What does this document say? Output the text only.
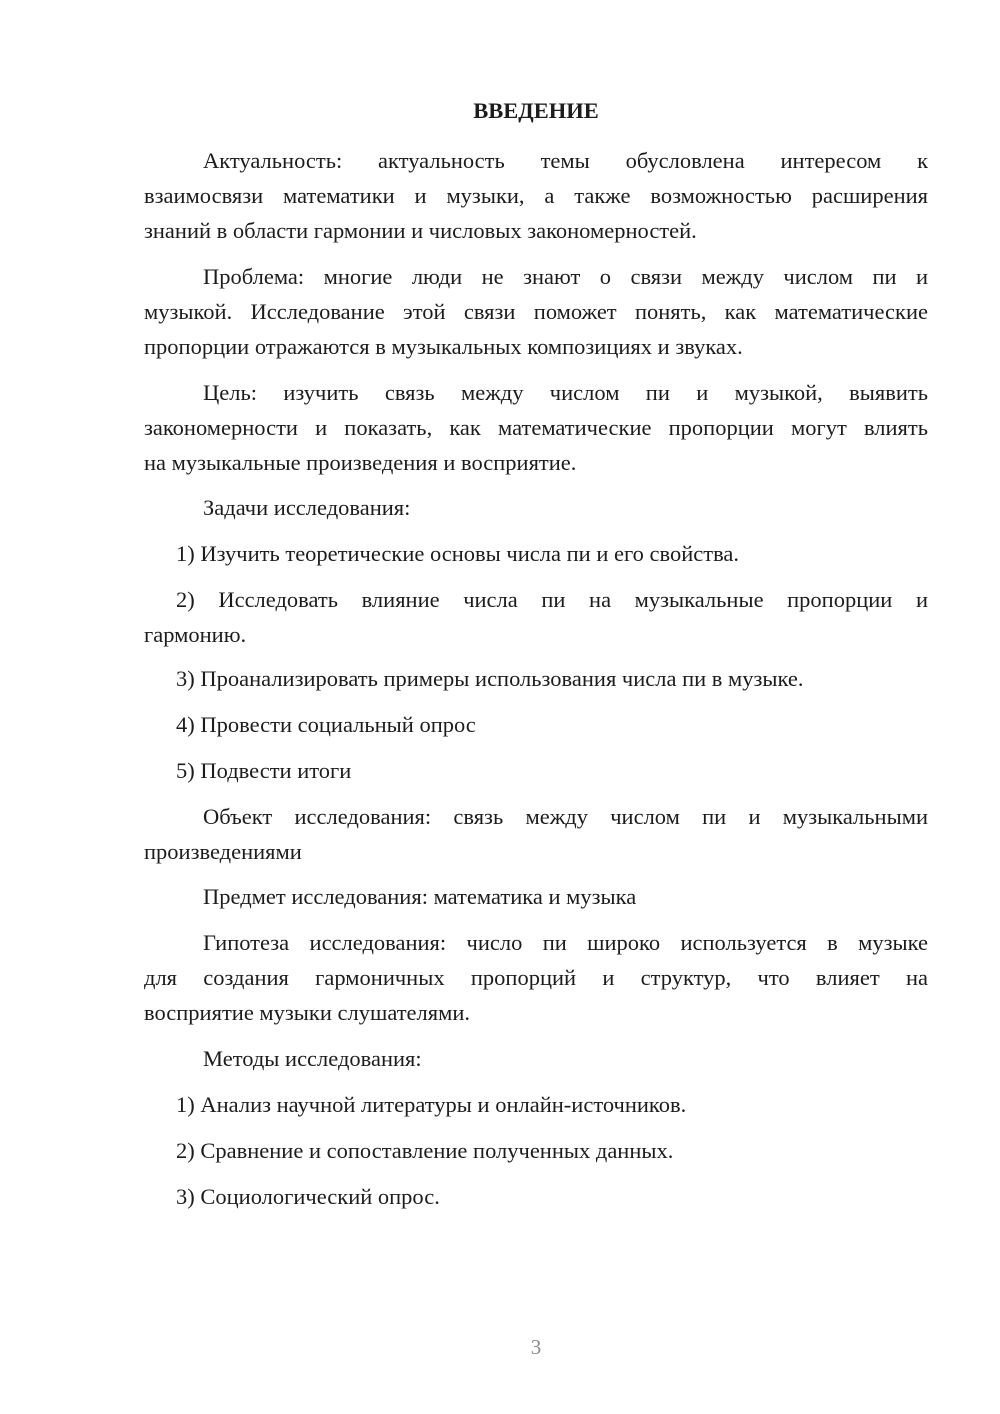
ВВЕДЕНИЕ

Актуальность: актуальность темы обусловлена интересом к
взаимосвязи математики и музыки, а также возможностью расширения
знаний в области гармонии и числовых закономерностей.

Проблема: многие люди не знают о связи между числом пи и
музыкой. Исследование этой связи поможет понять, как математические
пропорции отражаются в музыкальных композициях и звуках.

Цель: изучить связь между числом пи и музыкой, выявить
закономерности и показать, как математические пропорции могут влиять
на музыкальные произведения и восприятие.

Задачи исследования:

1) Изучить теоретические основы числа пи и его свойства.

2) Исследовать влияние числа пи на музыкальные пропорции и
гармонию.

3) Проанализировать примеры использования числа пи в музыке.

4) Провести социальный опрос

5) Подвести итоги

Объект исследования: связь между числом пи и музыкальными
произведениями

Предмет исследования: математика и музыка

Гипотеза исследования: число пи широко используется в музыке
для создания гармоничных пропорций и структур, что влияет на
восприятие музыки слушателями.

Методы исследования:

1) Анализ научной литературы и онлайн-источников.

2) Сравнение и сопоставление полученных данных.

3) Социологический опрос.

3
